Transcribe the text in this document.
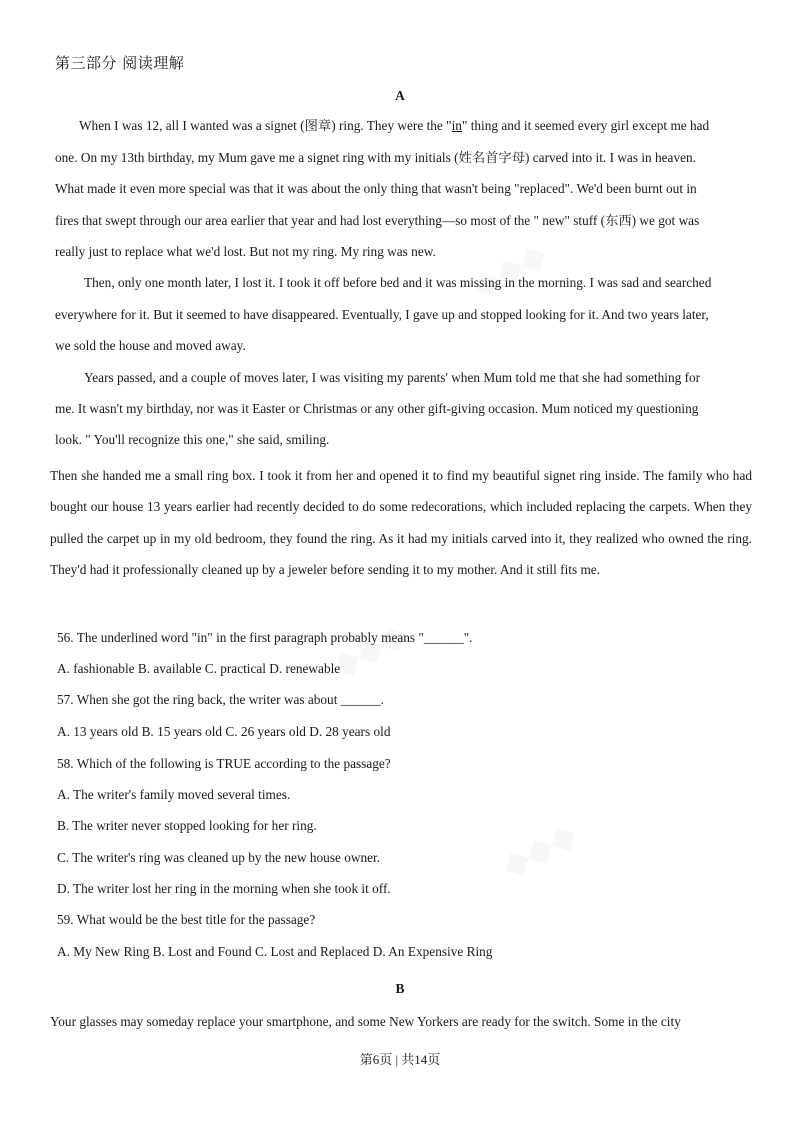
◆◆◆
◆◆◆
◆◆◆
第三部分 阅读理解
A
When I was 12, all I wanted was a signet (图章) ring. They were the "in" thing and it seemed every girl except me had
one. On my 13th birthday, my Mum gave me a signet ring with my initials (姓名首字母) carved into it. I was in heaven.
What made it even more special was that it was about the only thing that wasn't being "replaced". We'd been burnt out in
fires that swept through our area earlier that year and had lost everything—so most of the " new" stuff (东西) we got was
really just to replace what we'd lost. But not my ring. My ring was new.
Then, only one month later, I lost it. I took it off before bed and it was missing in the morning. I was sad and searched
everywhere for it. But it seemed to have disappeared. Eventually, I gave up and stopped looking for it. And two years later,
we sold the house and moved away.
Years passed, and a couple of moves later, I was visiting my parents' when Mum told me that she had something for
me. It wasn't my birthday, nor was it Easter or Christmas or any other gift-giving occasion. Mum noticed my questioning
look. " You'll recognize this one," she said, smiling.
Then she handed me a small ring box. I took it from her and opened it to find my beautiful signet ring inside. The family who had bought our house 13 years earlier had recently decided to do some redecorations, which included replacing the carpets. When they pulled the carpet up in my old bedroom, they found the ring. As it had my initials carved into it, they realized who owned the ring. They'd had it professionally cleaned up by a jeweler before sending it to my mother. And it still fits me.
56. The underlined word "in" in the first paragraph probably means "______".
A. fashionable B. available C. practical D. renewable
57. When she got the ring back, the writer was about ______.
A. 13 years old B. 15 years old C. 26 years old D. 28 years old
58. Which of the following is TRUE according to the passage?
A. The writer's family moved several times.
B. The writer never stopped looking for her ring.
C. The writer's ring was cleaned up by the new house owner.
D. The writer lost her ring in the morning when she took it off.
59. What would be the best title for the passage?
A. My New Ring B. Lost and Found C. Lost and Replaced D. An Expensive Ring
B
Your glasses may someday replace your smartphone, and some New Yorkers are ready for the switch. Some in the city
第6页 | 共14页
